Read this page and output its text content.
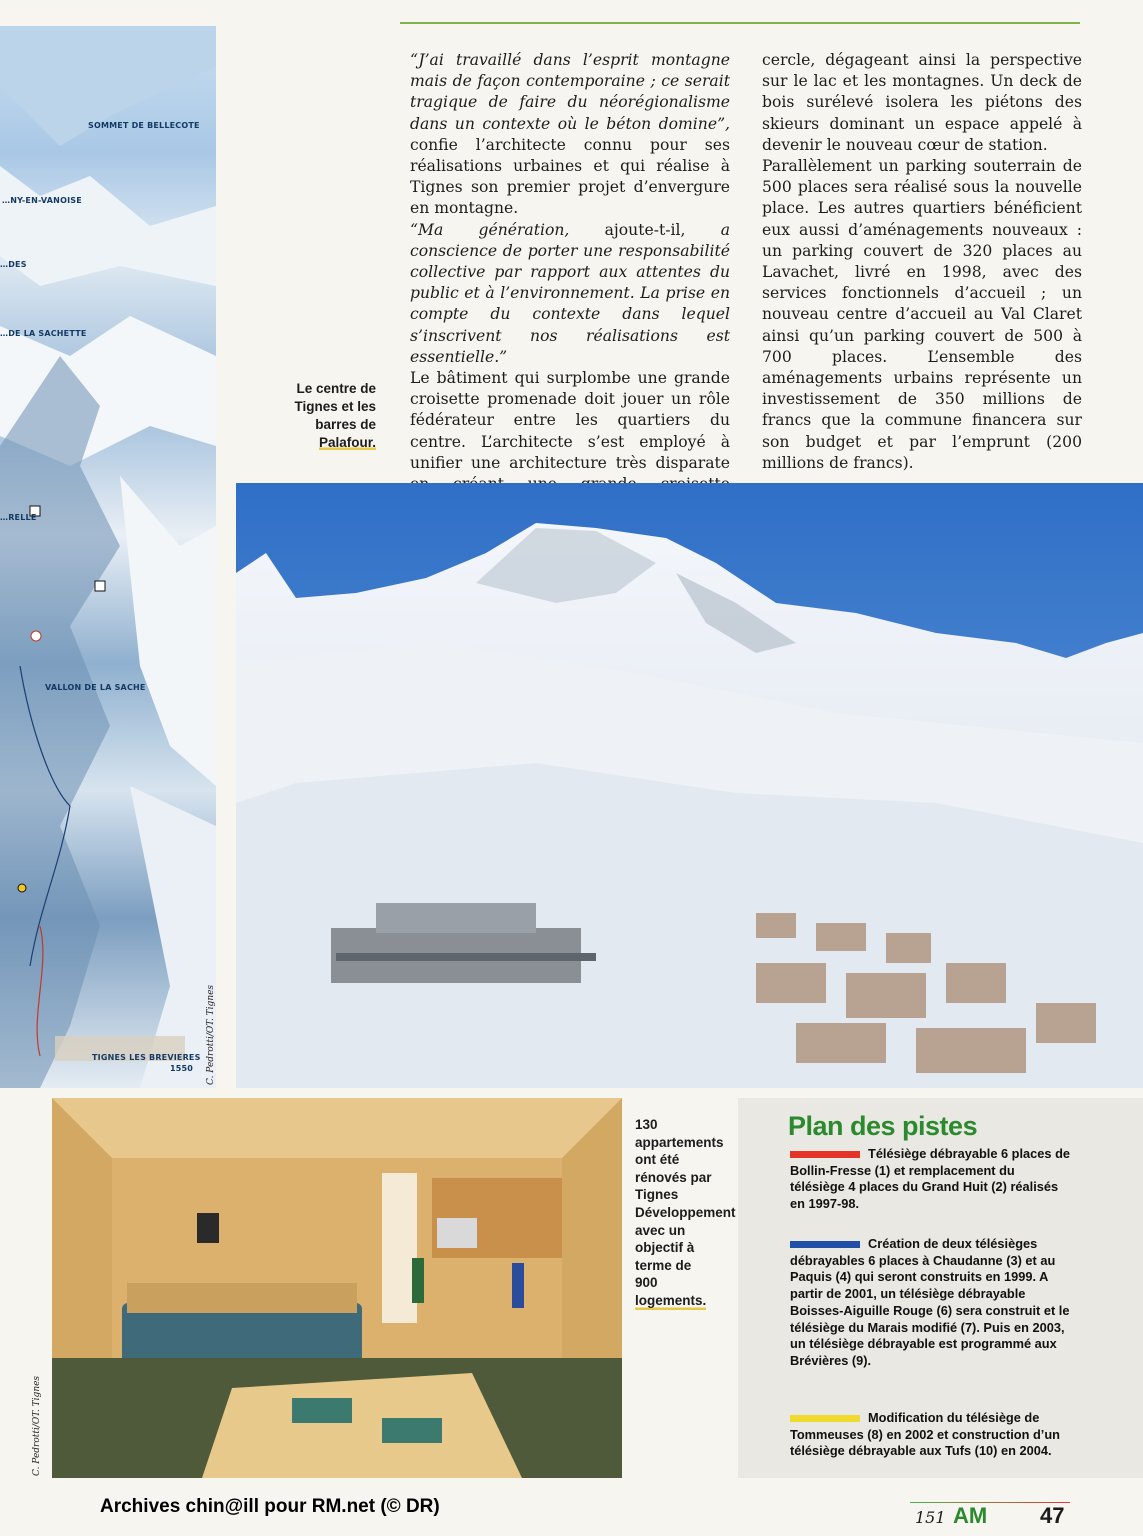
SOMMET DE BELLECOTE
…NY-EN-VANOISE
…DES
…DE LA SACHETTE
…RELLE
VALLON DE LA SACHE
TIGNES LES BREVIERES
1550
Le centre de
Tignes et les
barres de
Palafour.

“J’ai travaillé dans l’esprit montagne mais de façon contemporaine ; ce serait tragique de faire du néorégionalisme dans un contexte où le béton domine”, confie l’architecte connu pour ses réalisations urbaines et qui réalise à Tignes son premier projet d’envergure en montagne.

“Ma génération, ajoute-t-il, a conscience de porter une responsabilité collective par rapport aux attentes du public et à l’environnement. La prise en compte du contexte dans lequel s’inscrivent nos réalisations est essentielle.”

Le bâtiment qui surplombe une grande croisette promenade doit jouer un rôle fédérateur entre les quartiers du centre. L’architecte s’est employé à unifier une architecture très disparate

cercle, dégageant ainsi la perspective sur le lac et les montagnes. Un deck de bois surélevé isolera les piétons des skieurs dominant un espace appelé à devenir le nouveau cœur de station.

Parallèlement un parking souterrain de 500 places sera réalisé sous la nouvelle place. Les autres quartiers bénéficient eux aussi d’aménagements nouveaux : un parking couvert de 320 places au Lavachet, livré en 1998, avec des services fonctionnels d’accueil ; un nouveau centre d’accueil au Val Claret ainsi qu’un parking couvert de 500 à 700 places. L’ensemble des aménagements urbains représente un investissement de 350 millions de francs que la commune financera sur son budget et par l’emprunt (200 millions de francs).

C. Pedrotti/OT. Tignes
C. Pedrotti/OT. Tignes
130
appartements
ont été
rénovés par
Tignes
Développement
avec un
objectif à
terme de
900
logements.
Plan des pistes
Télésiège débrayable 6 places de Bollin-Fresse (1) et remplacement du télésiège 4 places du Grand Huit (2) réalisés en 1997-98.
Création de deux télésièges débrayables 6 places à Chaudanne (3) et au Paquis (4) qui seront construits en 1999. A partir de 2001, un télésiège débrayable Boisses-Aiguille Rouge (6) sera construit et le télésiège du Marais modifié (7). Puis en 2003, un télésiège débrayable est programmé aux Brévières (9).
Modification du télésiège de Tommeuses (8) en 2002 et construction d’un télésiège débrayable aux Tufs (10) en 2004.
Archives chin@ill pour RM.net (© DR)
151 AM 47
